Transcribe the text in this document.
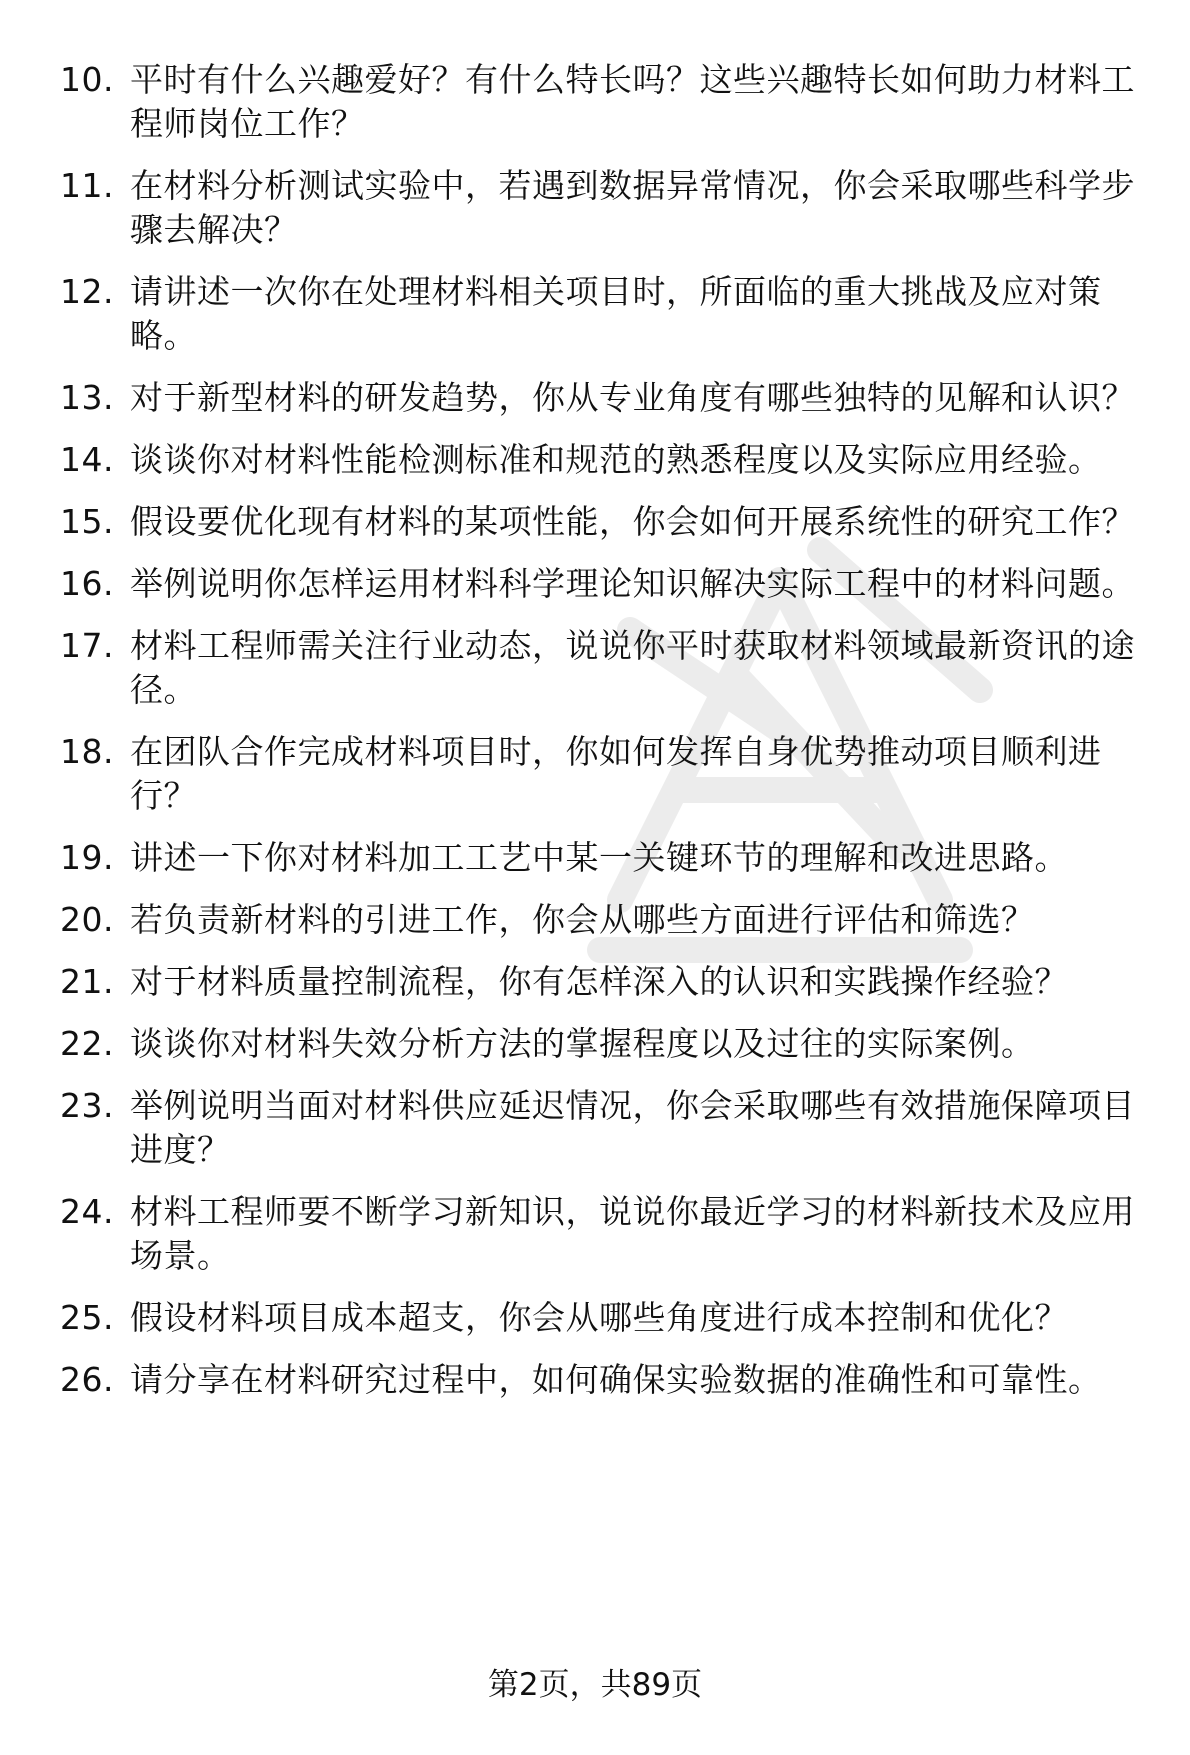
10. 平时有什么兴趣爱好？有什么特长吗？这些兴趣特长如何助力材料工程师岗位工作？
11. 在材料分析测试实验中，若遇到数据异常情况，你会采取哪些科学步骤去解决？
12. 请讲述一次你在处理材料相关项目时，所面临的重大挑战及应对策略。
13. 对于新型材料的研发趋势，你从专业角度有哪些独特的见解和认识？
14. 谈谈你对材料性能检测标准和规范的熟悉程度以及实际应用经验。
15. 假设要优化现有材料的某项性能，你会如何开展系统性的研究工作？
16. 举例说明你怎样运用材料科学理论知识解决实际工程中的材料问题。
17. 材料工程师需关注行业动态，说说你平时获取材料领域最新资讯的途径。
18. 在团队合作完成材料项目时，你如何发挥自身优势推动项目顺利进行？
19. 讲述一下你对材料加工工艺中某一关键环节的理解和改进思路。
20. 若负责新材料的引进工作，你会从哪些方面进行评估和筛选？
21. 对于材料质量控制流程，你有怎样深入的认识和实践操作经验？
22. 谈谈你对材料失效分析方法的掌握程度以及过往的实际案例。
23. 举例说明当面对材料供应延迟情况，你会采取哪些有效措施保障项目进度？
24. 材料工程师要不断学习新知识，说说你最近学习的材料新技术及应用场景。
25. 假设材料项目成本超支，你会从哪些角度进行成本控制和优化？
26. 请分享在材料研究过程中，如何确保实验数据的准确性和可靠性。
第2页，共89页
